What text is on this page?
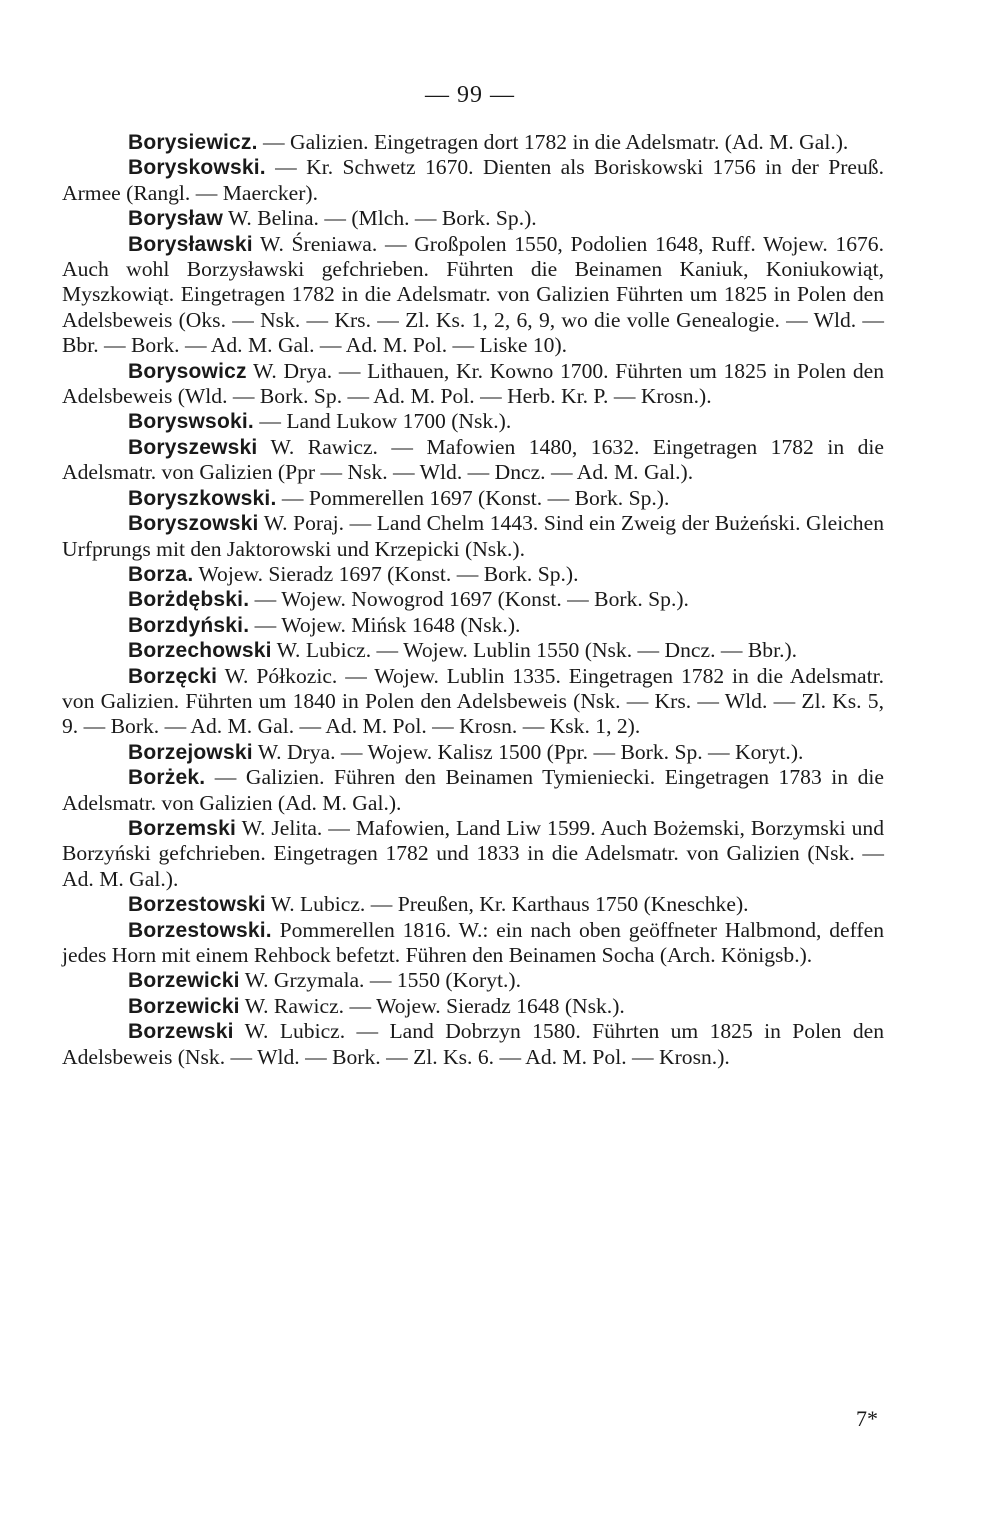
— 99 —

Borysiewicz. — Galizien. Eingetragen dort 1782 in die Adelsmatr. (Ad. M. Gal.).

Boryskowski. — Kr. Schwetz 1670. Dienten als Boriskowski 1756 in der Preuß. Armee (Rangl. — Maercker).

Borysław W. Belina. — (Mlch. — Bork. Sp.).

Borysławski W. Śreniawa. — Großpolen 1550, Podolien 1648, Ruff. Wojew. 1676. Auch wohl Borzysławski gefchrieben. Führten die Beinamen Kaniuk, Koniukowiąt, Myszkowiąt. Eingetragen 1782 in die Adelsmatr. von Galizien Führten um 1825 in Polen den Adelsbeweis (Oks. — Nsk. — Krs. — Zl. Ks. 1, 2, 6, 9, wo die volle Genealogie. — Wld. — Bbr. — Bork. — Ad. M. Gal. — Ad. M. Pol. — Liske 10).

Borysowicz W. Drya. — Lithauen, Kr. Kowno 1700. Führten um 1825 in Polen den Adelsbeweis (Wld. — Bork. Sp. — Ad. M. Pol. — Herb. Kr. P. — Krosn.).

Boryswsoki. — Land Lukow 1700 (Nsk.).

Boryszewski W. Rawicz. — Mafowien 1480, 1632. Eingetragen 1782 in die Adelsmatr. von Galizien (Ppr — Nsk. — Wld. — Dncz. — Ad. M. Gal.).

Boryszkowski. — Pommerellen 1697 (Konst. — Bork. Sp.).

Boryszowski W. Poraj. — Land Chelm 1443. Sind ein Zweig der Bużeński. Gleichen Urfprungs mit den Jaktorowski und Krzepicki (Nsk.).

Borza. Wojew. Sieradz 1697 (Konst. — Bork. Sp.).

Borżdębski. — Wojew. Nowogrod 1697 (Konst. — Bork. Sp.).

Borzdyński. — Wojew. Mińsk 1648 (Nsk.).

Borzechowski W. Lubicz. — Wojew. Lublin 1550 (Nsk. — Dncz. — Bbr.).

Borzęcki W. Półkozic. — Wojew. Lublin 1335. Eingetragen 1782 in die Adelsmatr. von Galizien. Führten um 1840 in Polen den Adelsbeweis (Nsk. — Krs. — Wld. — Zl. Ks. 5, 9. — Bork. — Ad. M. Gal. — Ad. M. Pol. — Krosn. — Ksk. 1, 2).

Borzejowski W. Drya. — Wojew. Kalisz 1500 (Ppr. — Bork. Sp. — Koryt.).

Borżek. — Galizien. Führen den Beinamen Tymieniecki. Eingetragen 1783 in die Adelsmatr. von Galizien (Ad. M. Gal.).

Borzemski W. Jelita. — Mafowien, Land Liw 1599. Auch Bożemski, Borzymski und Borzyński gefchrieben. Eingetragen 1782 und 1833 in die Adelsmatr. von Galizien (Nsk. — Ad. M. Gal.).

Borzestowski W. Lubicz. — Preußen, Kr. Karthaus 1750 (Kneschke).

Borzestowski. Pommerellen 1816. W.: ein nach oben geöffneter Halbmond, deffen jedes Horn mit einem Rehbock befetzt. Führen den Beinamen Socha (Arch. Königsb.).

Borzewicki W. Grzymala. — 1550 (Koryt.).

Borzewicki W. Rawicz. — Wojew. Sieradz 1648 (Nsk.).

Borzewski W. Lubicz. — Land Dobrzyn 1580. Führten um 1825 in Polen den Adelsbeweis (Nsk. — Wld. — Bork. — Zl. Ks. 6. — Ad. M. Pol. — Krosn.).

7*
